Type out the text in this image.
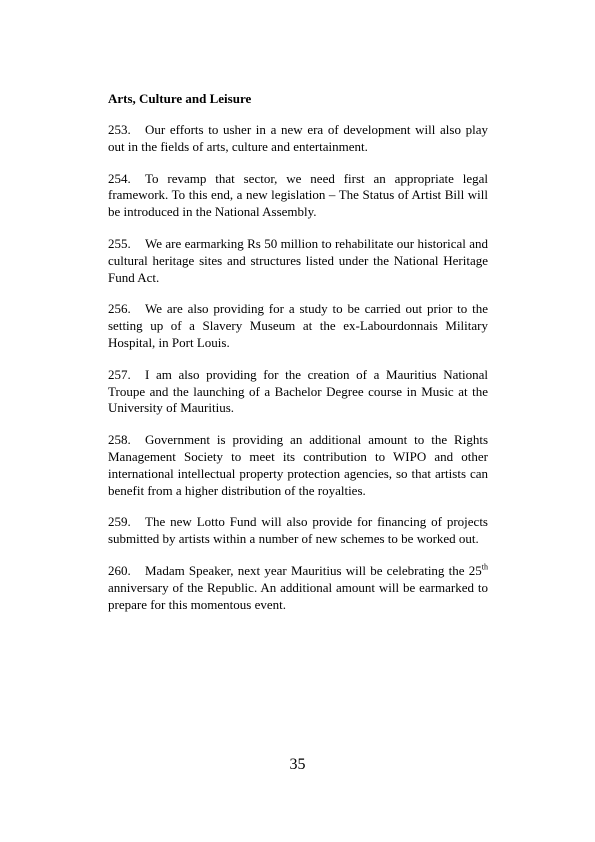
Arts, Culture and Leisure

253. Our efforts to usher in a new era of development will also play out in the fields of arts, culture and entertainment.

254. To revamp that sector, we need first an appropriate legal framework. To this end, a new legislation – The Status of Artist Bill will be introduced in the National Assembly.

255. We are earmarking Rs 50 million to rehabilitate our historical and cultural heritage sites and structures listed under the National Heritage Fund Act.

256. We are also providing for a study to be carried out prior to the setting up of a Slavery Museum at the ex-Labourdonnais Military Hospital, in Port Louis.

257. I am also providing for the creation of a Mauritius National Troupe and the launching of a Bachelor Degree course in Music at the University of Mauritius.

258. Government is providing an additional amount to the Rights Management Society to meet its contribution to WIPO and other international intellectual property protection agencies, so that artists can benefit from a higher distribution of the royalties.

259. The new Lotto Fund will also provide for financing of projects submitted by artists within a number of new schemes to be worked out.

260. Madam Speaker, next year Mauritius will be celebrating the 25th anniversary of the Republic. An additional amount will be earmarked to prepare for this momentous event.

35
